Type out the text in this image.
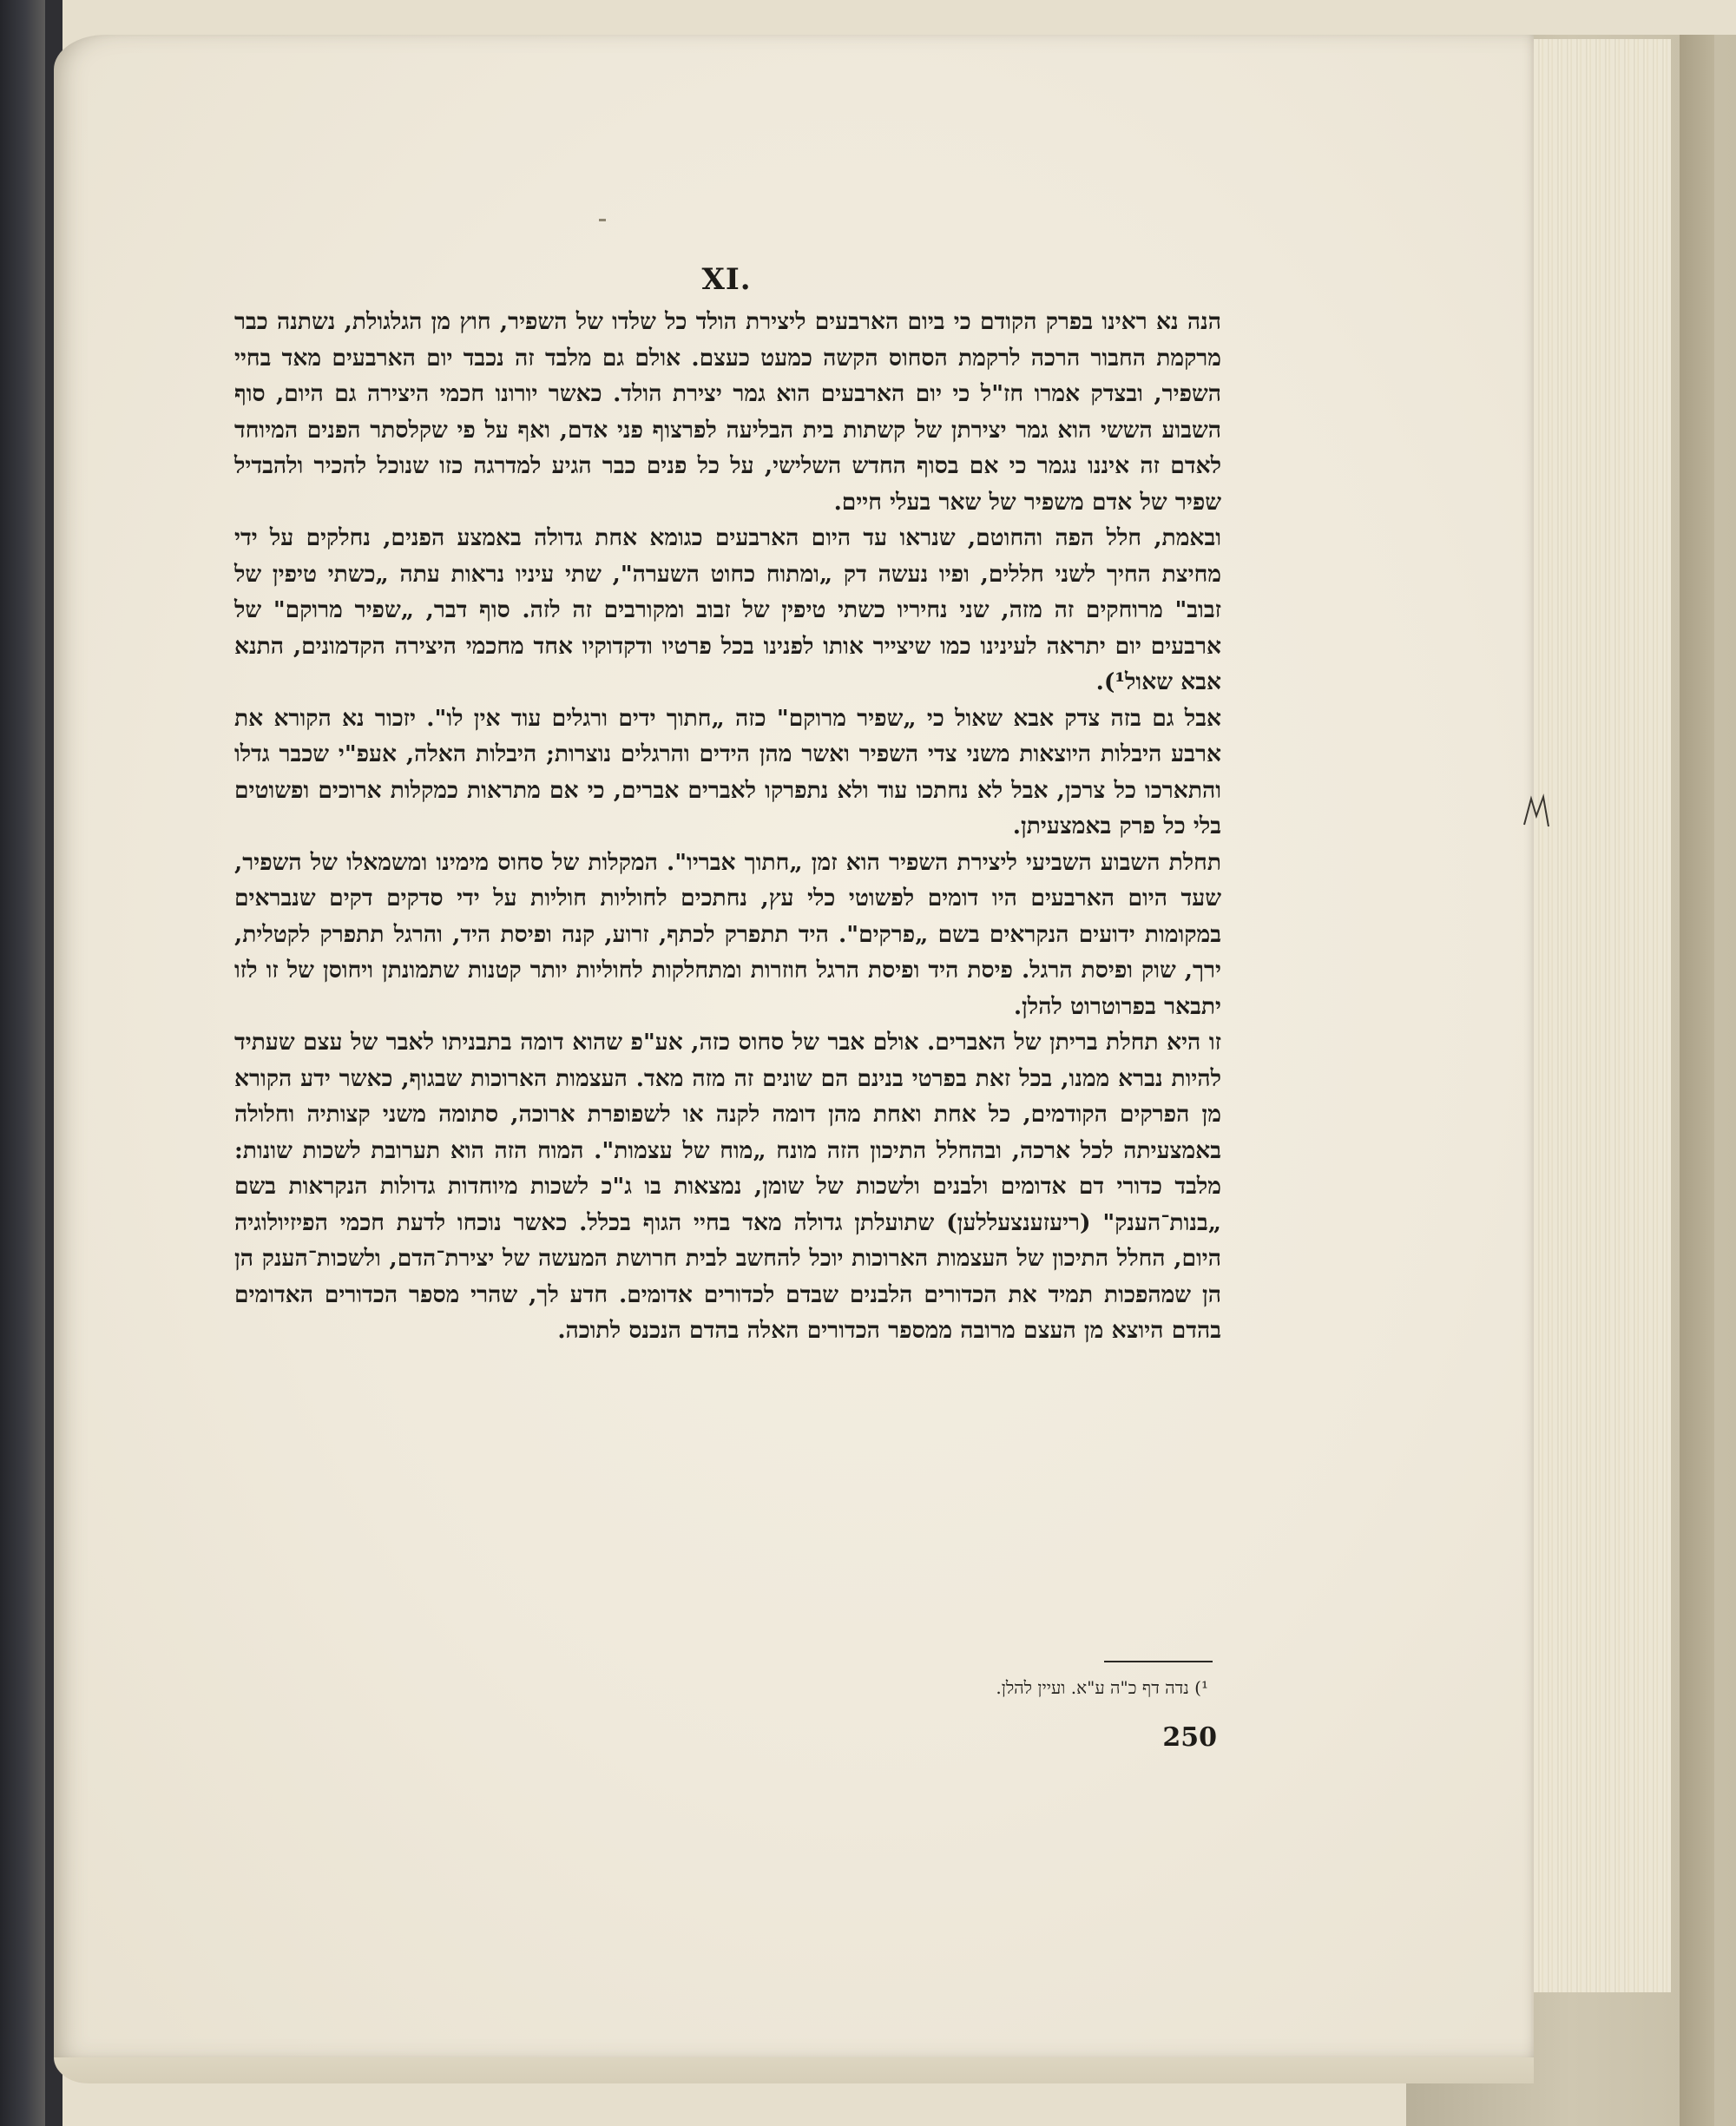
XI.

הנה נא ראינו בפרק הקודם כי ביום הארבעים ליצירת הולד כל שלדו של השפיר, חוץ מן הגלגולת, נשתנה כבר מרקמת החבור הרכה לרקמת הסחוס הקשה כמעט כעצם. אולם גם מלבד זה נכבד יום הארבעים מאד בחיי השפיר, ובצדק אמרו חז"ל כי יום הארבעים הוא גמר יצירת הולד. כאשר יורונו חכמי היצירה גם היום, סוף השבוע הששי הוא גמר יצירתן של קשתות בית הבליעה לפרצוף פני אדם, ואף על פי שקלסתר הפנים המיוחד לאדם זה איננו נגמר כי אם בסוף החדש השלישי, על כל פנים כבר הגיע למדרגה כזו שנוכל להכיר ולהבדיל שפיר של אדם משפיר של שאר בעלי חיים.

ובאמת, חלל הפה והחוטם, שנראו עד היום הארבעים כגומא אחת גדולה באמצע הפנים, נחלקים על ידי מחיצת החיך לשני חללים, ופיו נעשה דק „ומתוח כחוט השערה", שתי עיניו נראות עתה „כשתי טיפין של זבוב" מרוחקים זה מזה, שני נחיריו כשתי טיפין של זבוב ומקורבים זה לזה. סוף דבר, „שפיר מרוקם" של ארבעים יום יתראה לעינינו כמו שיצייר אותו לפנינו בכל פרטיו ודקדוקיו אחד מחכמי היצירה הקדמונים, התנא אבא שאול¹).

אבל גם בזה צדק אבא שאול כי „שפיר מרוקם" כזה „חתוך ידים ורגלים עוד אין לו". יזכור נא הקורא את ארבע היבלות היוצאות משני צדי השפיר ואשר מהן הידים והרגלים נוצרות; היבלות האלה, אעפ"י שכבר גדלו והתארכו כל צרכן, אבל לא נחתכו עוד ולא נתפרקו לאברים אברים, כי אם מתראות כמקלות ארוכים ופשוטים בלי כל פרק באמצעיתן.

תחלת השבוע השביעי ליצירת השפיר הוא זמן „חתוך אבריו". המקלות של סחוס מימינו ומשמאלו של השפיר, שעד היום הארבעים היו דומים לפשוטי כלי עץ, נחתכים לחוליות חוליות על ידי סדקים דקים שנבראים במקומות ידועים הנקראים בשם „פרקים". היד תתפרק לכתף, זרוע, קנה ופיסת היד, והרגל תתפרק לקטלית, ירך, שוק ופיסת הרגל. פיסת היד ופיסת הרגל חוזרות ומתחלקות לחוליות יותר קטנות שתמונתן ויחוסן של זו לזו יתבאר בפרוטרוט להלן.

זו היא תחלת בריתן של האברים. אולם אבר של סחוס כזה, אע"פ שהוא דומה בתבניתו לאבר של עצם שעתיד להיות נברא ממנו, בכל זאת בפרטי בנינם הם שונים זה מזה מאד. העצמות הארוכות שבגוף, כאשר ידע הקורא מן הפרקים הקודמים, כל אחת ואחת מהן דומה לקנה או לשפופרת ארוכה, סתומה משני קצותיה וחלולה באמצעיתה לכל ארכה, ובהחלל התיכון הזה מונח „מוח של עצמות". המוח הזה הוא תערובת לשכות שונות: מלבד כדורי דם אדומים ולבנים ולשכות של שומן, נמצאות בו ג"כ לשכות מיוחדות גדולות הנקראות בשם „בנות־הענק" (ריעזענצעללען) שתועלתן גדולה מאד בחיי הגוף בכלל. כאשר נוכחו לדעת חכמי הפיזיולוגיה היום, החלל התיכון של העצמות הארוכות יוכל להחשב לבית חרושת המעשה של יצירת־הדם, ולשכות־הענק הן הן שמהפכות תמיד את הכדורים הלבנים שבדם לכדורים אדומים. חדע לך, שהרי מספר הכדורים האדומים בהדם היוצא מן העצם מרובה ממספר הכדורים האלה בהדם הנכנס לתוכה.

¹) נדה דף כ"ה ע"א. ועיין להלן.
250
